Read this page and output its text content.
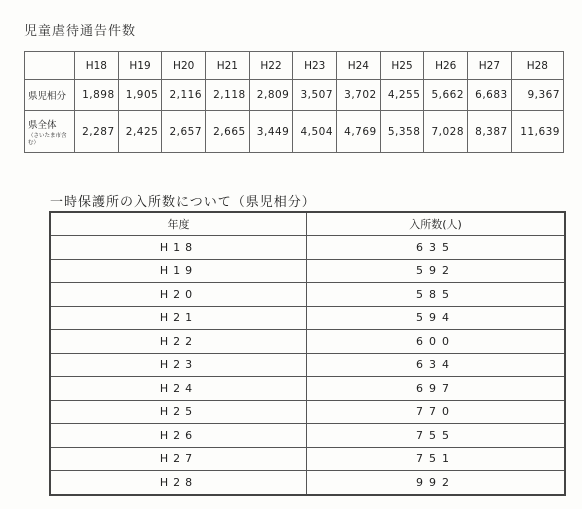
児童虐待通告件数
	H18	H19	H20	H21	H22	H23	H24	H25	H26	H27	H28
県児相分	1,898	1,905	2,116	2,118	2,809	3,507	3,702	4,255	5,662	6,683	9,367
県全体
（さいたま市含む）	2,287	2,425	2,657	2,665	3,449	4,504	4,769	5,358	7,028	8,387	11,639
一時保護所の入所数について（県児相分）
年度	入所数(人)
H18	635
H19	592
H20	585
H21	594
H22	600
H23	634
H24	697
H25	770
H26	755
H27	751
H28	992
